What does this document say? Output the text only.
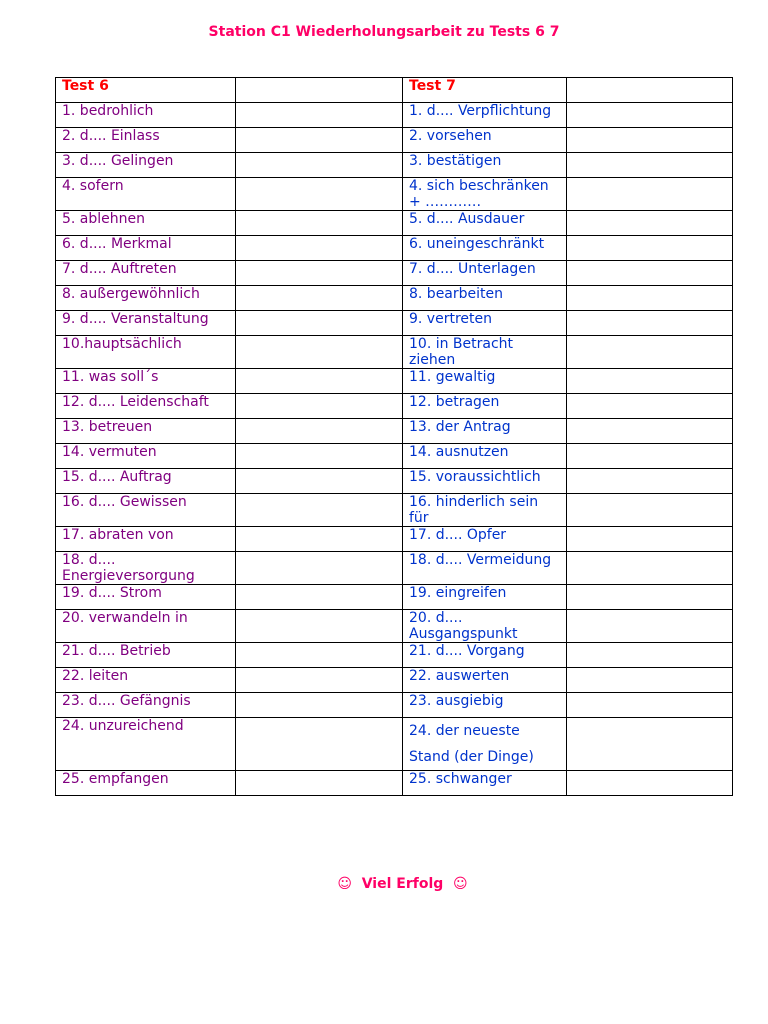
Station C1 Wiederholungsarbeit zu Tests 6 7
Test 6		Test 7	
1. bedrohlich		1. d.... Verpflichtung	
2. d.... Einlass		2. vorsehen	
3. d.... Gelingen		3. bestätigen	
4. sofern		4. sich beschränken + …………	
5. ablehnen		5. d.... Ausdauer	
6. d.... Merkmal		6. uneingeschränkt	
7. d.... Auftreten		7. d.... Unterlagen	
8. außergewöhnlich		8. bearbeiten	
9. d.... Veranstaltung		9. vertreten	
10.hauptsächlich		10. in Betracht ziehen	
11. was soll´s		11. gewaltig	
12. d.... Leidenschaft		12. betragen	
13. betreuen		13. der Antrag	
14. vermuten		14. ausnutzen	
15. d.... Auftrag		15. voraussichtlich	
16. d.... Gewissen		16. hinderlich sein für	
17. abraten von		17. d.... Opfer	
18. d.... Energieversorgung		18. d.... Vermeidung	
19. d.... Strom		19. eingreifen	
20. verwandeln in		20. d.... Ausgangspunkt	
21. d.... Betrieb		21. d.... Vorgang	
22. leiten		22. auswerten	
23. d.... Gefängnis		23. ausgiebig	
24. unzureichend		24. der neueste
Stand (der Dinge)	

25. empfangen		25. schwanger	

☺ Viel Erfolg ☺
